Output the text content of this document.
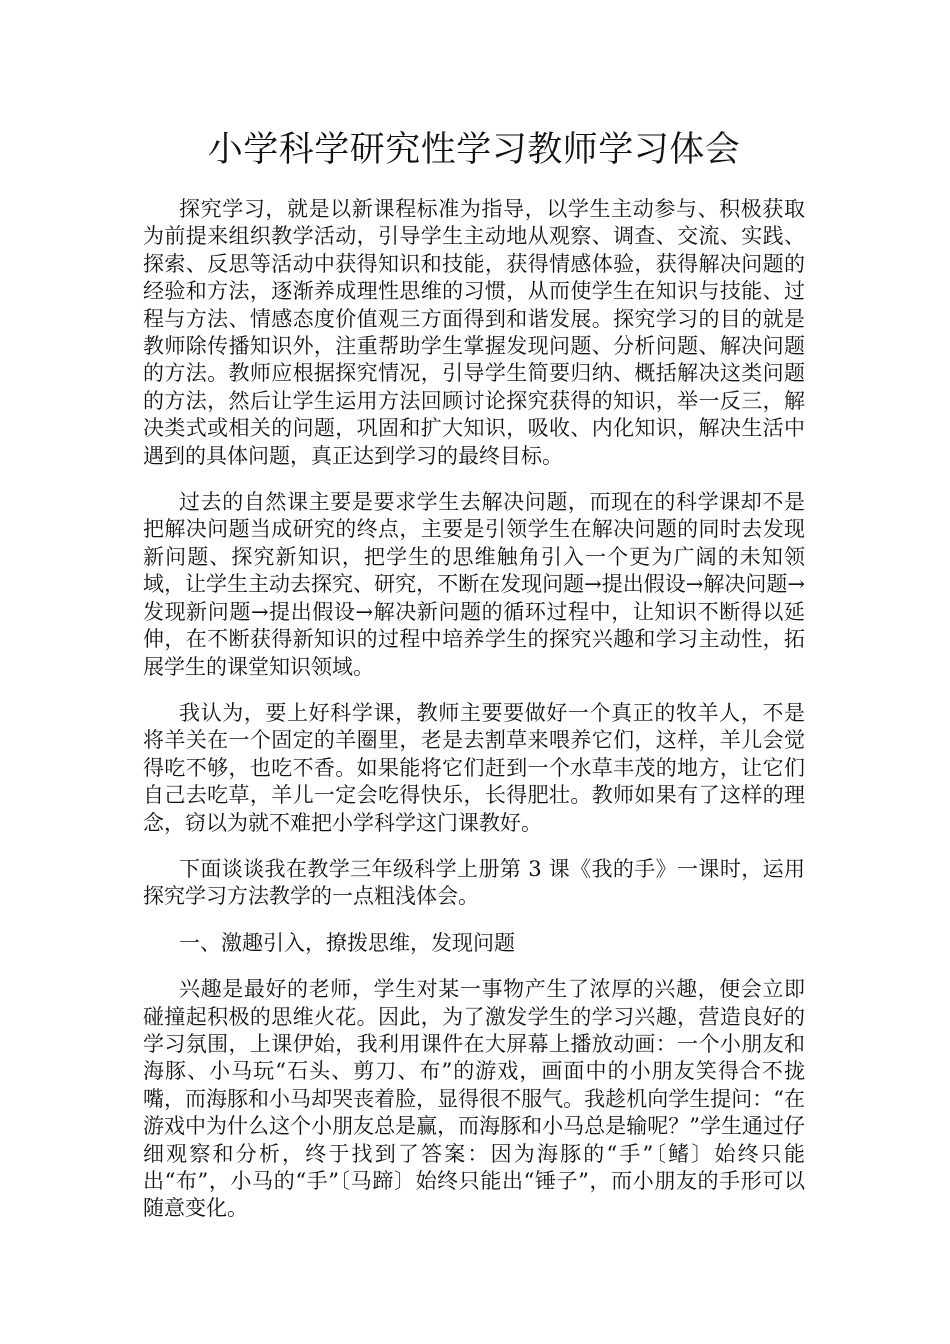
小学科学研究性学习教师学习体会

探究学习，就是以新课程标准为指导，以学生主动参与、积极获取为前提来组织教学活动，引导学生主动地从观察、调查、交流、实践、探索、反思等活动中获得知识和技能，获得情感体验，获得解决问题的经验和方法，逐渐养成理性思维的习惯，从而使学生在知识与技能、过程与方法、情感态度价值观三方面得到和谐发展。探究学习的目的就是教师除传播知识外，注重帮助学生掌握发现问题、分析问题、解决问题的方法。教师应根据探究情况，引导学生简要归纳、概括解决这类问题的方法，然后让学生运用方法回顾讨论探究获得的知识，举一反三，解决类式或相关的问题，巩固和扩大知识，吸收、内化知识，解决生活中遇到的具体问题，真正达到学习的最终目标。

过去的自然课主要是要求学生去解决问题，而现在的科学课却不是把解决问题当成研究的终点，主要是引领学生在解决问题的同时去发现新问题、探究新知识，把学生的思维触角引入一个更为广阔的未知领域，让学生主动去探究、研究，不断在发现问题→提出假设→解决问题→发现新问题→提出假设→解决新问题的循环过程中，让知识不断得以延伸，在不断获得新知识的过程中培养学生的探究兴趣和学习主动性，拓展学生的课堂知识领域。

我认为，要上好科学课，教师主要要做好一个真正的牧羊人，不是将羊关在一个固定的羊圈里，老是去割草来喂养它们，这样，羊儿会觉得吃不够，也吃不香。如果能将它们赶到一个水草丰茂的地方，让它们自己去吃草，羊儿一定会吃得快乐，长得肥壮。教师如果有了这样的理念，窃以为就不难把小学科学这门课教好。

下面谈谈我在教学三年级科学上册第 3 课《我的手》一课时，运用探究学习方法教学的一点粗浅体会。

一、激趣引入，撩拨思维，发现问题

兴趣是最好的老师，学生对某一事物产生了浓厚的兴趣，便会立即碰撞起积极的思维火花。因此，为了激发学生的学习兴趣，营造良好的学习氛围，上课伊始，我利用课件在大屏幕上播放动画：一个小朋友和海豚、小马玩“石头、剪刀、布”的游戏，画面中的小朋友笑得合不拢嘴，而海豚和小马却哭丧着脸，显得很不服气。我趁机向学生提问：“在游戏中为什么这个小朋友总是赢，而海豚和小马总是输呢？”学生通过仔细观察和分析，终于找到了答案：因为海豚的“手”〔鳍〕始终只能出“布”，小马的“手”〔马蹄〕始终只能出“锤子”，而小朋友的手形可以随意变化。
